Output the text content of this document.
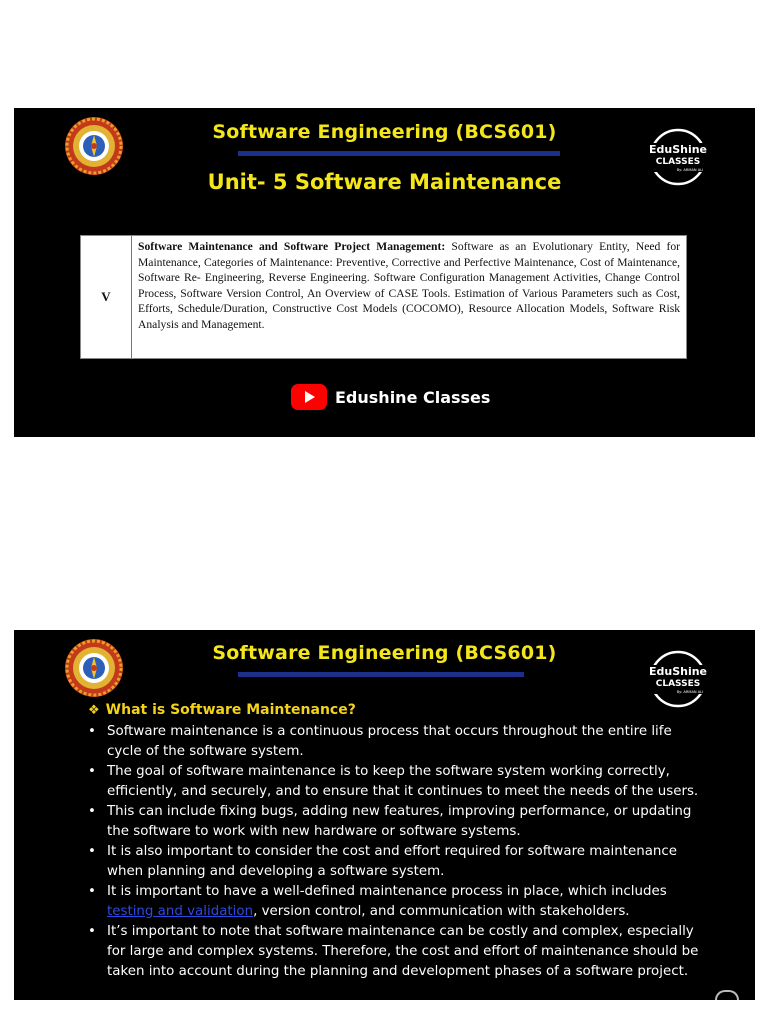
Software Engineering (BCS601)
Unit- 5 Software Maintenance
EduShine
CLASSES
By: ARMAN ALI
V
Software Maintenance and Software Project Management: Software as an Evolutionary Entity, Need for Maintenance, Categories of Maintenance: Preventive, Corrective and Perfective Maintenance, Cost of Maintenance, Software Re- Engineering, Reverse Engineering. Software Configuration Management Activities, Change Control Process, Software Version Control, An Overview of CASE Tools. Estimation of Various Parameters such as Cost, Efforts, Schedule/Duration, Constructive Cost Models (COCOMO), Resource Allocation Models, Software Risk Analysis and Management.
Edushine Classes
Software Engineering (BCS601)
EduShine
CLASSES
By: ARMAN ALI
❖ What is Software Maintenance?
• Software maintenance is a continuous process that occurs throughout the entire life cycle of the software system.
• The goal of software maintenance is to keep the software system working correctly, efficiently, and securely, and to ensure that it continues to meet the needs of the users.
• This can include fixing bugs, adding new features, improving performance, or updating the software to work with new hardware or software systems.
• It is also important to consider the cost and effort required for software maintenance when planning and developing a software system.
• It is important to have a well-defined maintenance process in place, which includes testing and validation, version control, and communication with stakeholders.
• It’s important to note that software maintenance can be costly and complex, especially for large and complex systems. Therefore, the cost and effort of maintenance should be taken into account during the planning and development phases of a software project.
